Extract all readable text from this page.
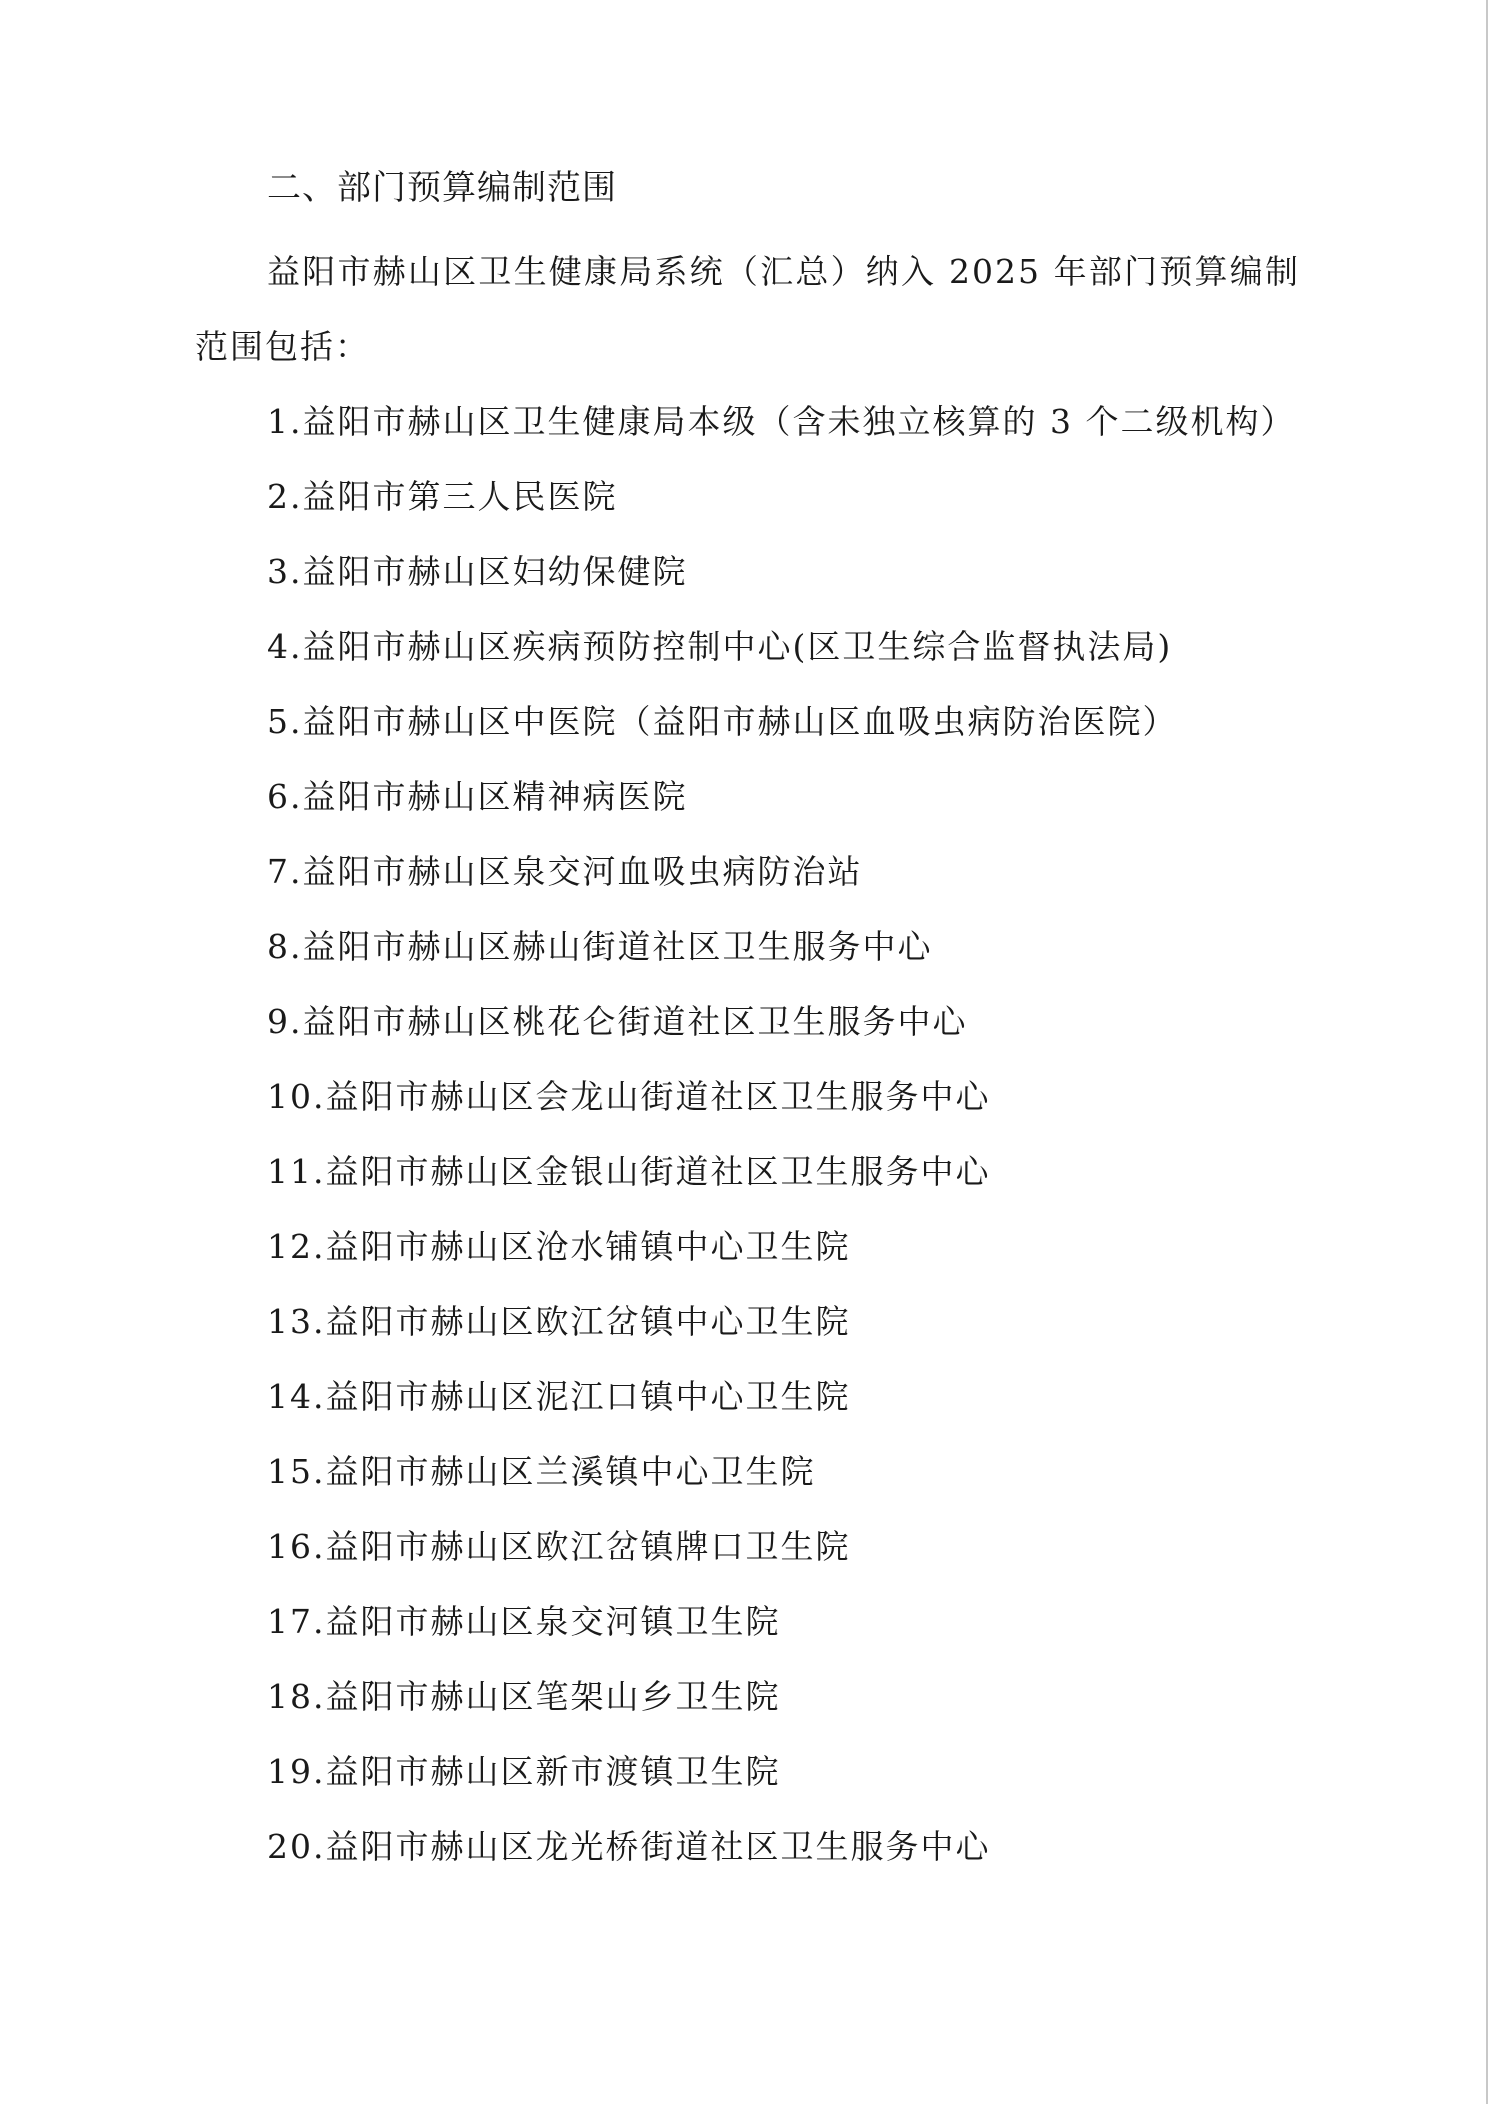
二、部门预算编制范围

益阳市赫山区卫生健康局系统（汇总）纳入 2025 年部门预算编制范围包括：

1.益阳市赫山区卫生健康局本级（含未独立核算的 3 个二级机构）
2.益阳市第三人民医院
3.益阳市赫山区妇幼保健院
4.益阳市赫山区疾病预防控制中心(区卫生综合监督执法局)
5.益阳市赫山区中医院（益阳市赫山区血吸虫病防治医院）
6.益阳市赫山区精神病医院
7.益阳市赫山区泉交河血吸虫病防治站
8.益阳市赫山区赫山街道社区卫生服务中心
9.益阳市赫山区桃花仑街道社区卫生服务中心
10.益阳市赫山区会龙山街道社区卫生服务中心
11.益阳市赫山区金银山街道社区卫生服务中心
12.益阳市赫山区沧水铺镇中心卫生院
13.益阳市赫山区欧江岔镇中心卫生院
14.益阳市赫山区泥江口镇中心卫生院
15.益阳市赫山区兰溪镇中心卫生院
16.益阳市赫山区欧江岔镇牌口卫生院
17.益阳市赫山区泉交河镇卫生院
18.益阳市赫山区笔架山乡卫生院
19.益阳市赫山区新市渡镇卫生院
20.益阳市赫山区龙光桥街道社区卫生服务中心
